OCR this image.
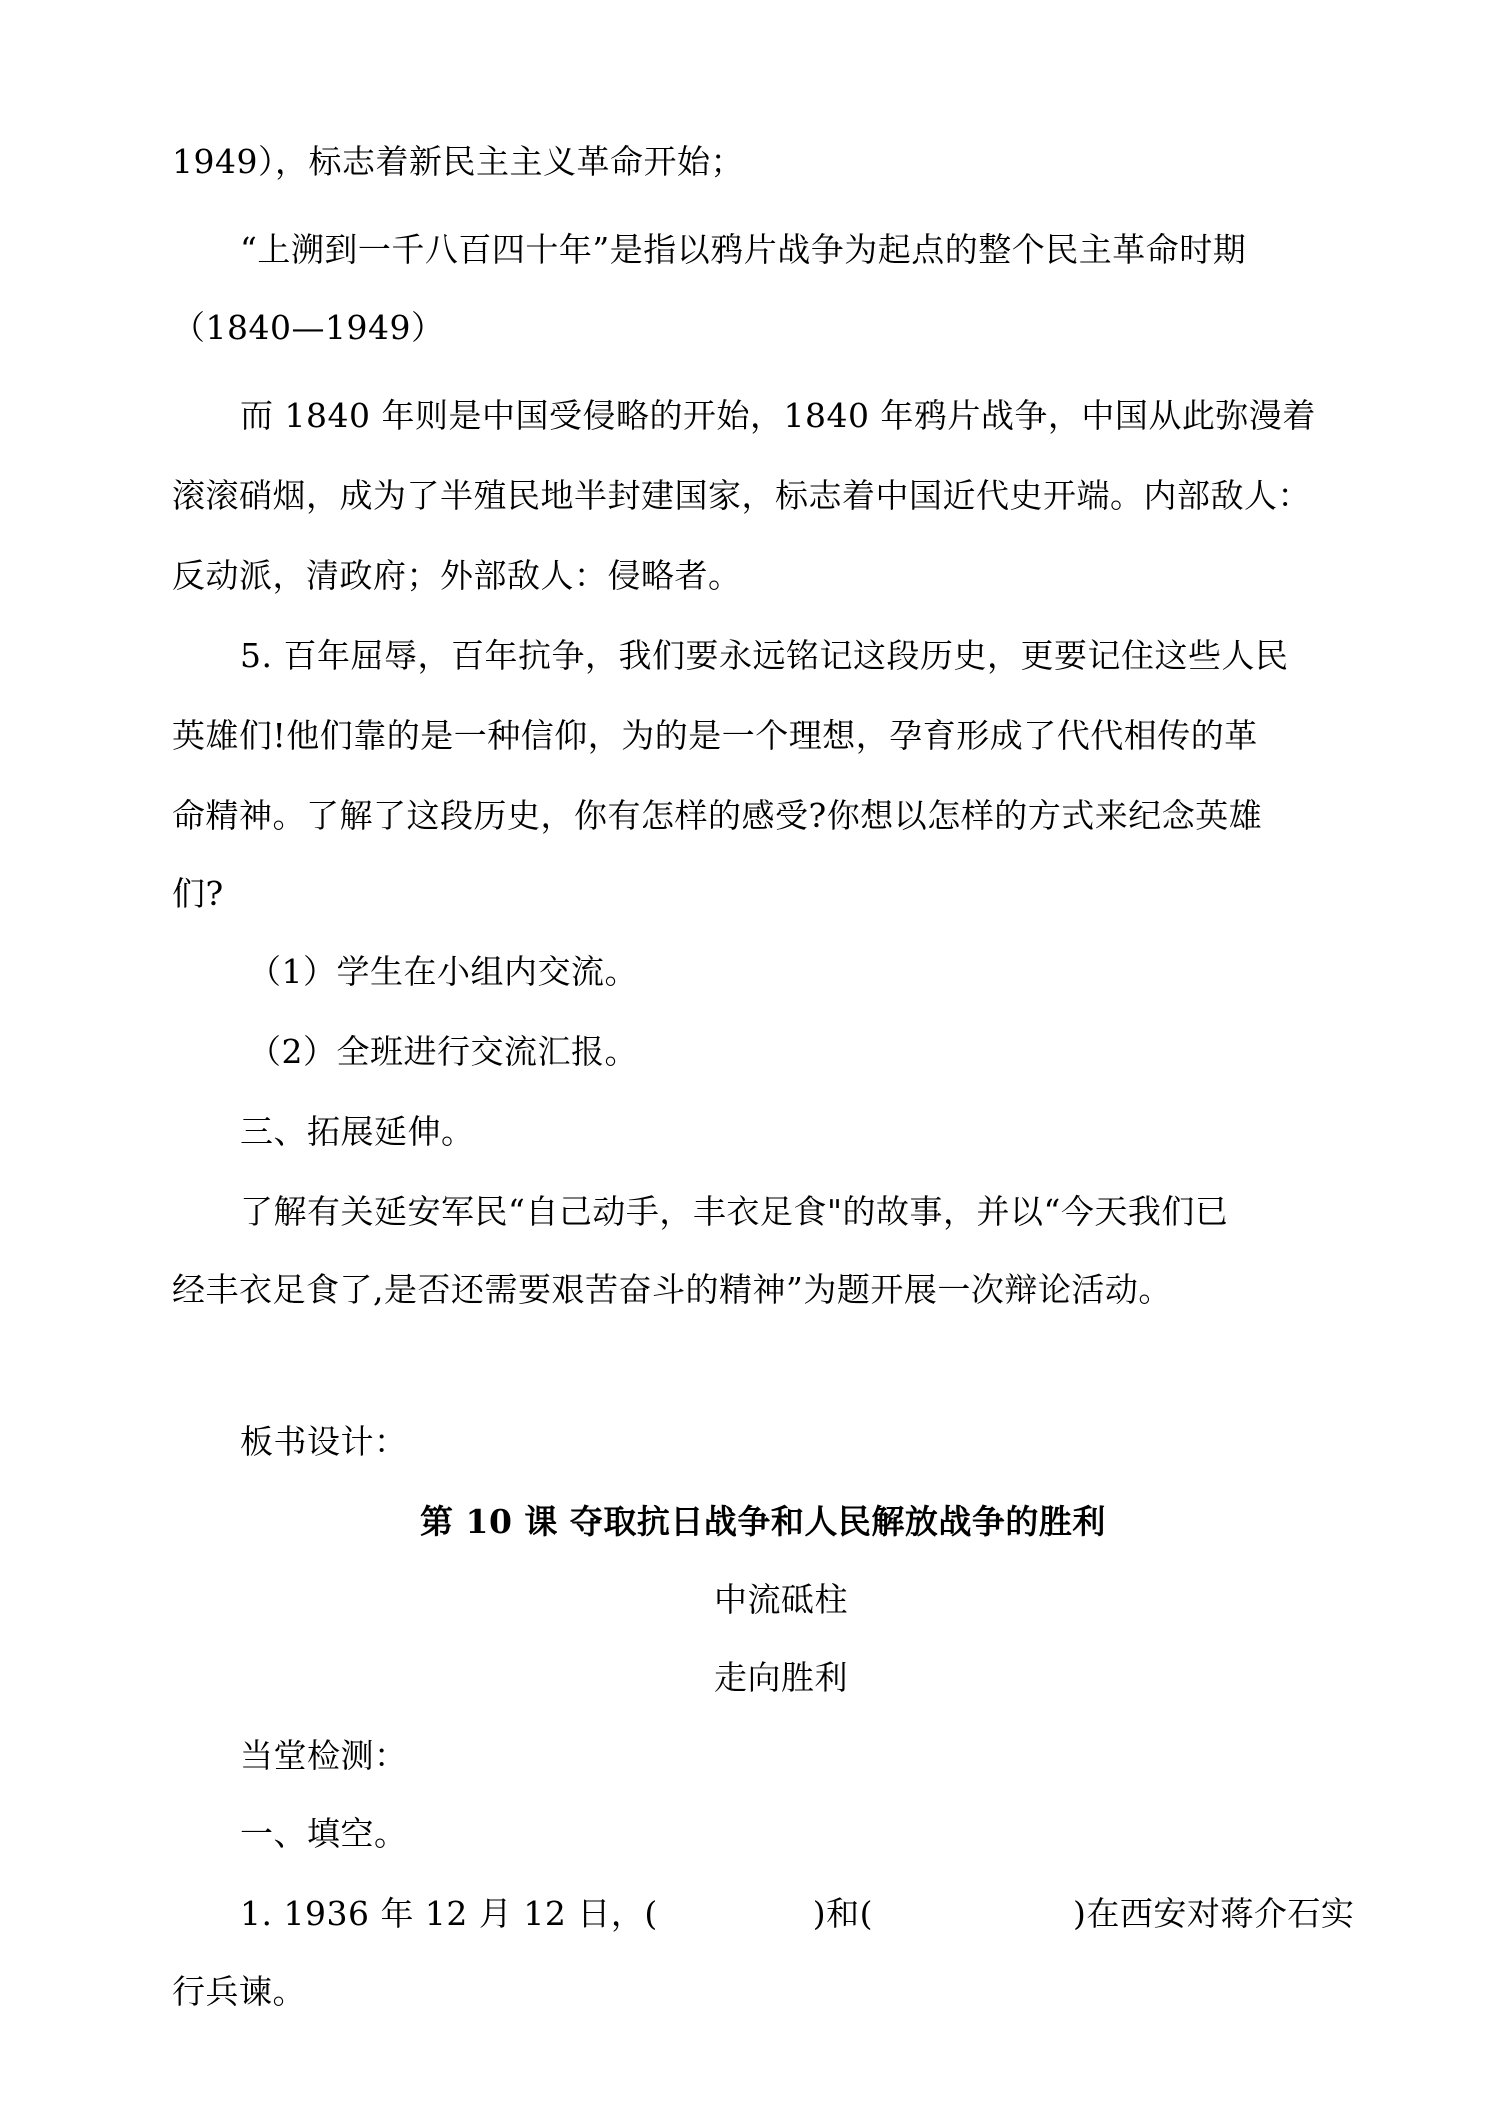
1949），标志着新民主主义革命开始；
“上溯到一千八百四十年”是指以鸦片战争为起点的整个民主革命时期
（1840—1949）
而 1840 年则是中国受侵略的开始，1840 年鸦片战争，中国从此弥漫着
滚滚硝烟，成为了半殖民地半封建国家，标志着中国近代史开端。内部敌人：
反动派，清政府；外部敌人：侵略者。
5. 百年屈辱，百年抗争，我们要永远铭记这段历史，更要记住这些人民
英雄们!他们靠的是一种信仰，为的是一个理想，孕育形成了代代相传的革
命精神。了解了这段历史，你有怎样的感受?你想以怎样的方式来纪念英雄
们?
（1）学生在小组内交流。
（2）全班进行交流汇报。
三、拓展延伸。
了解有关延安军民“自己动手，丰衣足食"的故事，并以“今天我们已
经丰衣足食了,是否还需要艰苦奋斗的精神”为题开展一次辩论活动。
板书设计：
第 10 课 夺取抗日战争和人民解放战争的胜利
中流砥柱
走向胜利
当堂检测：
一、填空。
1. 1936 年 12 月 12 日，(	)和(	)在西安对蒋介石实
行兵谏。
